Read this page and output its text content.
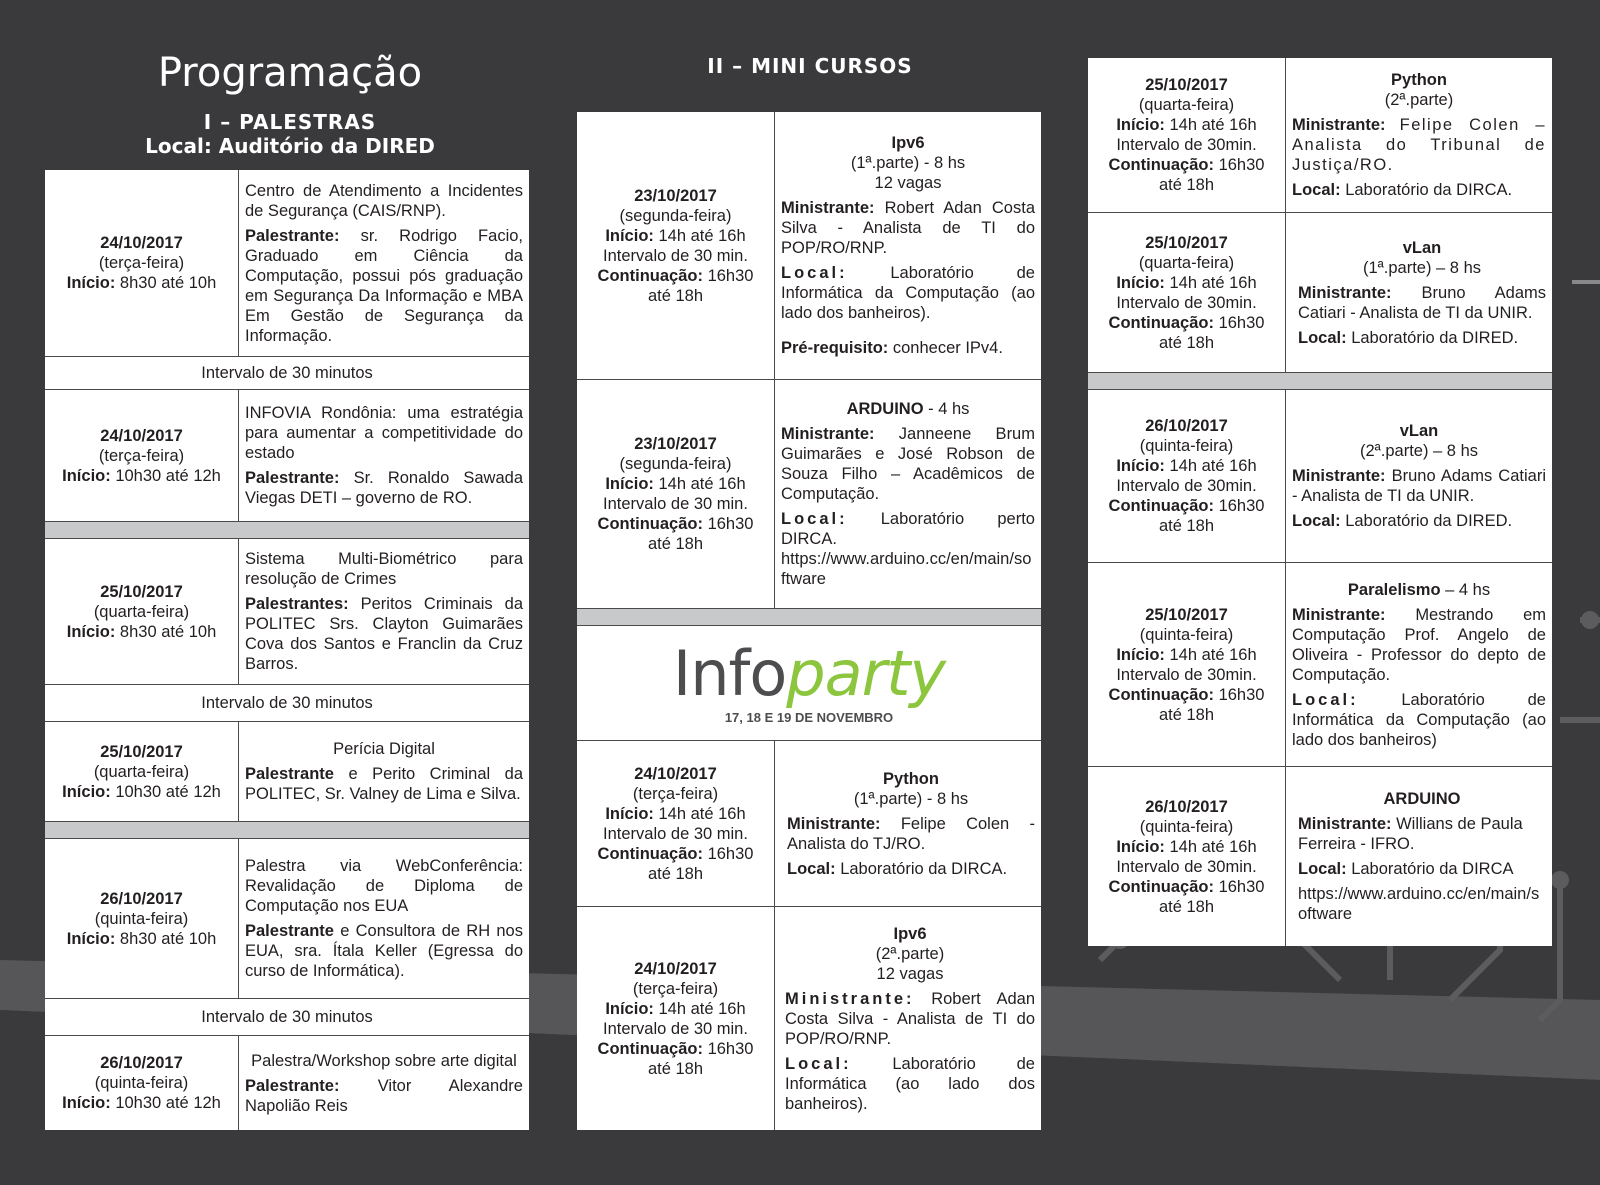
Programação
I – PALESTRAS
Local: Auditório da DIRED
II – MINI CURSOS
24/10/2017
(terça-feira)
Início: 8h30 até 10h

Centro de Atendimento a Incidentes de Segurança (CAIS/RNP).

Palestrante: sr. Rodrigo Facio, Graduado em Ciência da Computação, possui pós graduação em Segurança Da Informação e MBA Em Gestão de Segurança da Informação.

Intervalo de 30 minutos
24/10/2017
(terça-feira)
Início: 10h30 até 12h

INFOVIA Rondônia: uma estratégia para aumentar a competitividade do estado

Palestrante: Sr. Ronaldo Sawada Viegas DETI – governo de RO.

25/10/2017
(quarta-feira)
Início: 8h30 até 10h

Sistema Multi-Biométrico para resolução de Crimes

Palestrantes: Peritos Criminais da POLITEC Srs. Clayton Guimarães Cova dos Santos e Franclin da Cruz Barros.

Intervalo de 30 minutos
25/10/2017
(quarta-feira)
Início: 10h30 até 12h

Perícia Digital

Palestrante e Perito Criminal da POLITEC, Sr. Valney de Lima e Silva.

26/10/2017
(quinta-feira)
Início: 8h30 até 10h

Palestra via WebConferência: Revalidação de Diploma de Computação nos EUA

Palestrante e Consultora de RH nos EUA, sra. Ítala Keller (Egressa do curso de Informática).

Intervalo de 30 minutos
26/10/2017
(quinta-feira)
Início: 10h30 até 12h

Palestra/Workshop sobre arte digital

Palestrante: Vitor Alexandre Napolião Reis

23/10/2017
(segunda-feira)
Início: 14h até 16h
Intervalo de 30 min.
Continuação: 16h30
até 18h
Ipv6
(1ª.parte) - 8 hs

12 vagas

Ministrante: Robert Adan Costa Silva - Analista de TI do POP/RO/RNP.

Local:	Laboratório de Informática da Computação (ao lado dos banheiros).

Pré-requisito: conhecer IPv4.

23/10/2017
(segunda-feira)
Início: 14h até 16h
Intervalo de 30 min.
Continuação: 16h30
até 18h

ARDUINO - 4 hs

Ministrante: Janneene Brum Guimarães e José Robson de Souza Filho – Acadêmicos de Computação.

Local: Laboratório perto DIRCA.

https://www.arduino.cc/en/main/software

Infoparty
17, 18 E 19 DE NOVEMBRO
24/10/2017
(terça-feira)
Início: 14h até 16h
Intervalo de 30 min.
Continuação: 16h30
até 18h
Python

(1ª.parte) - 8 hs

Ministrante: Felipe Colen - Analista do TJ/RO.

Local: Laboratório da DIRCA.

24/10/2017
(terça-feira)
Início: 14h até 16h
Intervalo de 30 min.
Continuação: 16h30
até 18h
Ipv6
(2ª.parte)

12 vagas

Ministrante: Robert Adan Costa Silva - Analista de TI do POP/RO/RNP.

Local: Laboratório de Informática (ao lado dos banheiros).

25/10/2017
(quarta-feira)
Início: 14h até 16h
Intervalo de 30min.
Continuação: 16h30
até 18h
Python

(2ª.parte)

Ministrante: Felipe Colen – Analista do Tribunal de Justiça/RO.

Local: Laboratório da DIRCA.

25/10/2017
(quarta-feira)
Início: 14h até 16h
Intervalo de 30min.
Continuação: 16h30
até 18h
vLan

(1ª.parte) – 8 hs

Ministrante: Bruno Adams Catiari - Analista de TI da UNIR.

Local: Laboratório da DIRED.

26/10/2017
(quinta-feira)
Início: 14h até 16h
Intervalo de 30min.
Continuação: 16h30
até 18h
vLan

(2ª.parte) – 8 hs

Ministrante: Bruno Adams Catiari - Analista de TI da UNIR.

Local: Laboratório da DIRED.

25/10/2017
(quinta-feira)
Início: 14h até 16h
Intervalo de 30min.
Continuação: 16h30
até 18h

Paralelismo – 4 hs

Ministrante: Mestrando em Computação Prof. Angelo de Oliveira - Professor do depto de Computação.

Local:	Laboratório de Informática da Computação (ao lado dos banheiros)

26/10/2017
(quinta-feira)
Início: 14h até 16h
Intervalo de 30min.
Continuação: 16h30
até 18h

ARDUINO

Ministrante: Willians de Paula Ferreira - IFRO.

Local: Laboratório da DIRCA

https://www.arduino.cc/en/main/software
